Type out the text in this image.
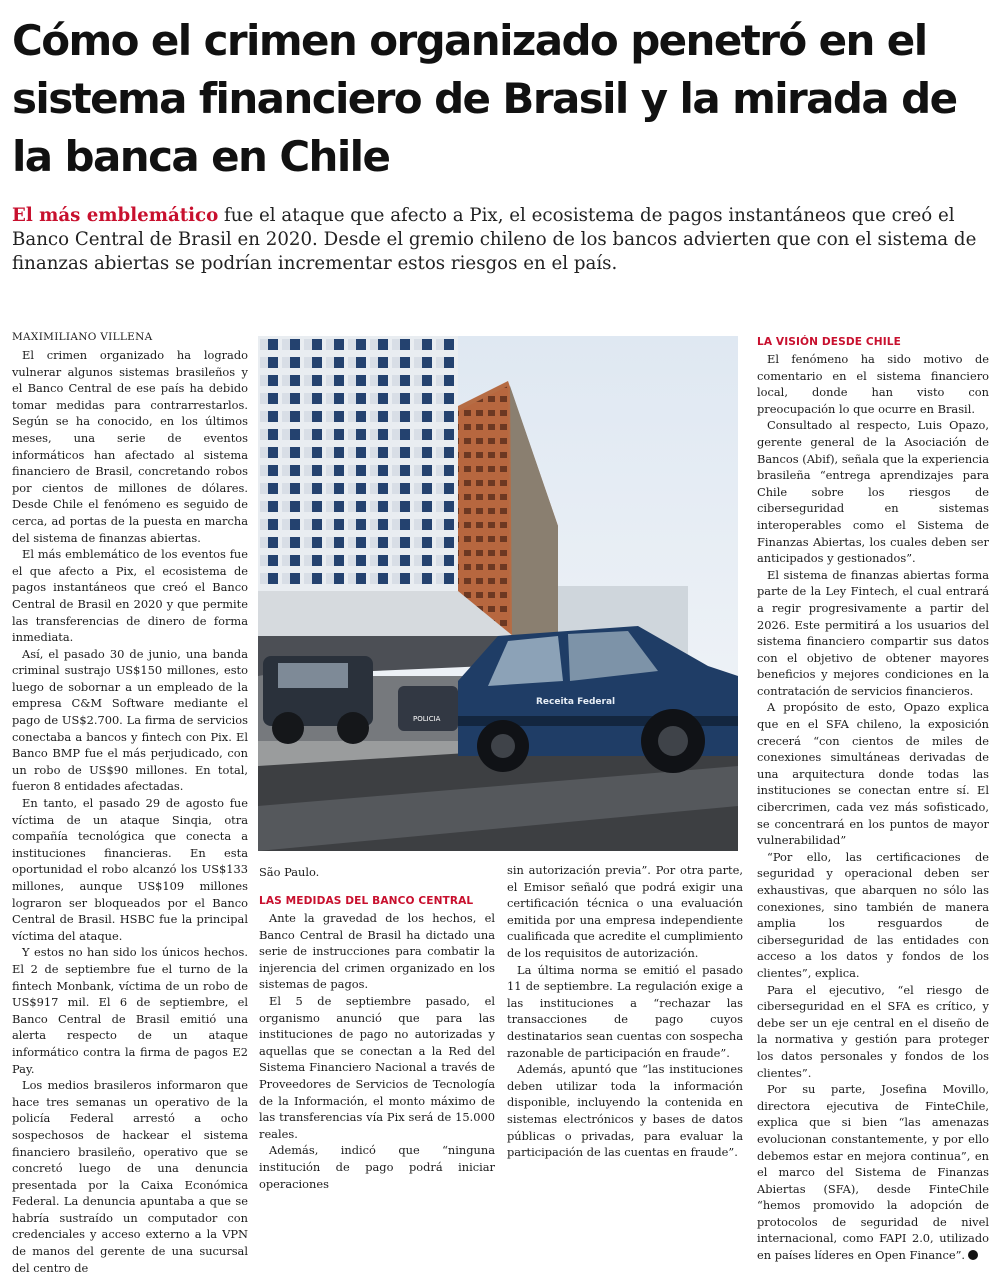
Cómo el crimen organizado penetró en el sistema financiero de Brasil y la mirada de la banca en Chile
El más emblemático fue el ataque que afecto a Pix, el ecosistema de pagos instantáneos que creó el Banco Central de Brasil en 2020. Desde el gremio chileno de los bancos advierten que con el sistema de finanzas abiertas se podrían incrementar estos riesgos en el país.
MAXIMILIANO VILLENA

El crimen organizado ha logrado vulnerar algunos sistemas brasileños y el Banco Central de ese país ha debido tomar medidas para contrarrestarlos. Según se ha conocido, en los últimos meses, una serie de eventos informáticos han afectado al sistema financiero de Brasil, concretando robos por cientos de millones de dólares. Desde Chile el fenómeno es seguido de cerca, ad portas de la puesta en marcha del sistema de finanzas abiertas.

El más emblemático de los eventos fue el que afecto a Pix, el ecosistema de pagos instantáneos que creó el Banco Central de Brasil en 2020 y que permite las transferencias de dinero de forma inmediata.

Así, el pasado 30 de junio, una banda criminal sustrajo US$150 millones, esto luego de sobornar a un empleado de la empresa C&M Software mediante el pago de US$2.700. La firma de servicios conectaba a bancos y fintech con Pix. El Banco BMP fue el más perjudicado, con un robo de US$90 millones. En total, fueron 8 entidades afectadas.

En tanto, el pasado 29 de agosto fue víctima de un ataque Sinqia, otra compañía tecnológica que conecta a instituciones financieras. En esta oportunidad el robo alcanzó los US$133 millones, aunque US$109 millones lograron ser bloqueados por el Banco Central de Brasil. HSBC fue la principal víctima del ataque.

Y estos no han sido los únicos hechos. El 2 de septiembre fue el turno de la fintech Monbank, víctima de un robo de US$917 mil. El 6 de septiembre, el Banco Central de Brasil emitió una alerta respecto de un ataque informático contra la firma de pagos E2 Pay.

Los medios brasileros informaron que hace tres semanas un operativo de la policía Federal arrestó a ocho sospechosos de hackear el sistema financiero brasileño, operativo que se concretó luego de una denuncia presentada por la Caixa Económica Federal. La denuncia apuntaba a que se habría sustraído un computador con credenciales y acceso externo a la VPN de manos del gerente de una sucursal del centro de

POLICIA
Receita Federal
São Paulo.
LAS MEDIDAS DEL BANCO CENTRAL

Ante la gravedad de los hechos, el Banco Central de Brasil ha dictado una serie de instrucciones para combatir la injerencia del crimen organizado en los sistemas de pagos.

El 5 de septiembre pasado, el organismo anunció que para las instituciones de pago no autorizadas y aquellas que se conectan a la Red del Sistema Financiero Nacional a través de Proveedores de Servicios de Tecnología de la Información, el monto máximo de las transferencias vía Pix será de 15.000 reales.

Además, indicó que “ninguna institución de pago podrá iniciar operaciones

sin autorización previa”. Por otra parte, el Emisor señaló que podrá exigir una certificación técnica o una evaluación emitida por una empresa independiente cualificada que acredite el cumplimiento de los requisitos de autorización.

La última norma se emitió el pasado 11 de septiembre. La regulación exige a las instituciones a “rechazar las transacciones de pago cuyos destinatarios sean cuentas con sospecha razonable de participación en fraude”.

Además, apuntó que “las instituciones deben utilizar toda la información disponible, incluyendo la contenida en sistemas electrónicos y bases de datos públicas o privadas, para evaluar la participación de las cuentas en fraude”.

LA VISIÓN DESDE CHILE

El fenómeno ha sido motivo de comentario en el sistema financiero local, donde han visto con preocupación lo que ocurre en Brasil.

Consultado al respecto, Luis Opazo, gerente general de la Asociación de Bancos (Abif), señala que la experiencia brasileña “entrega aprendizajes para Chile sobre los riesgos de ciberseguridad en sistemas interoperables como el Sistema de Finanzas Abiertas, los cuales deben ser anticipados y gestionados”.

El sistema de finanzas abiertas forma parte de la Ley Fintech, el cual entrará a regir progresivamente a partir del 2026. Este permitirá a los usuarios del sistema financiero compartir sus datos con el objetivo de obtener mayores beneficios y mejores condiciones en la contratación de servicios financieros.

A propósito de esto, Opazo explica que en el SFA chileno, la exposición crecerá “con cientos de miles de conexiones simultáneas derivadas de una arquitectura donde todas las instituciones se conectan entre sí. El cibercrimen, cada vez más sofisticado, se concentrará en los puntos de mayor vulnerabilidad”

“Por ello, las certificaciones de seguridad y operacional deben ser exhaustivas, que abarquen no sólo las conexiones, sino también de manera amplia los resguardos de ciberseguridad de las entidades con acceso a los datos y fondos de los clientes”, explica.

Para el ejecutivo, “el riesgo de ciberseguridad en el SFA es crítico, y debe ser un eje central en el diseño de la normativa y gestión para proteger los datos personales y fondos de los clientes”.

Por su parte, Josefina Movillo, directora ejecutiva de FinteChile, explica que si bien “las amenazas evolucionan constantemente, y por ello debemos estar en mejora continua”, en el marco del Sistema de Finanzas Abiertas (SFA), desde FinteChile “hemos promovido la adopción de protocolos de seguridad de nivel internacional, como FAPI 2.0, utilizado en países líderes en Open Finance”.
